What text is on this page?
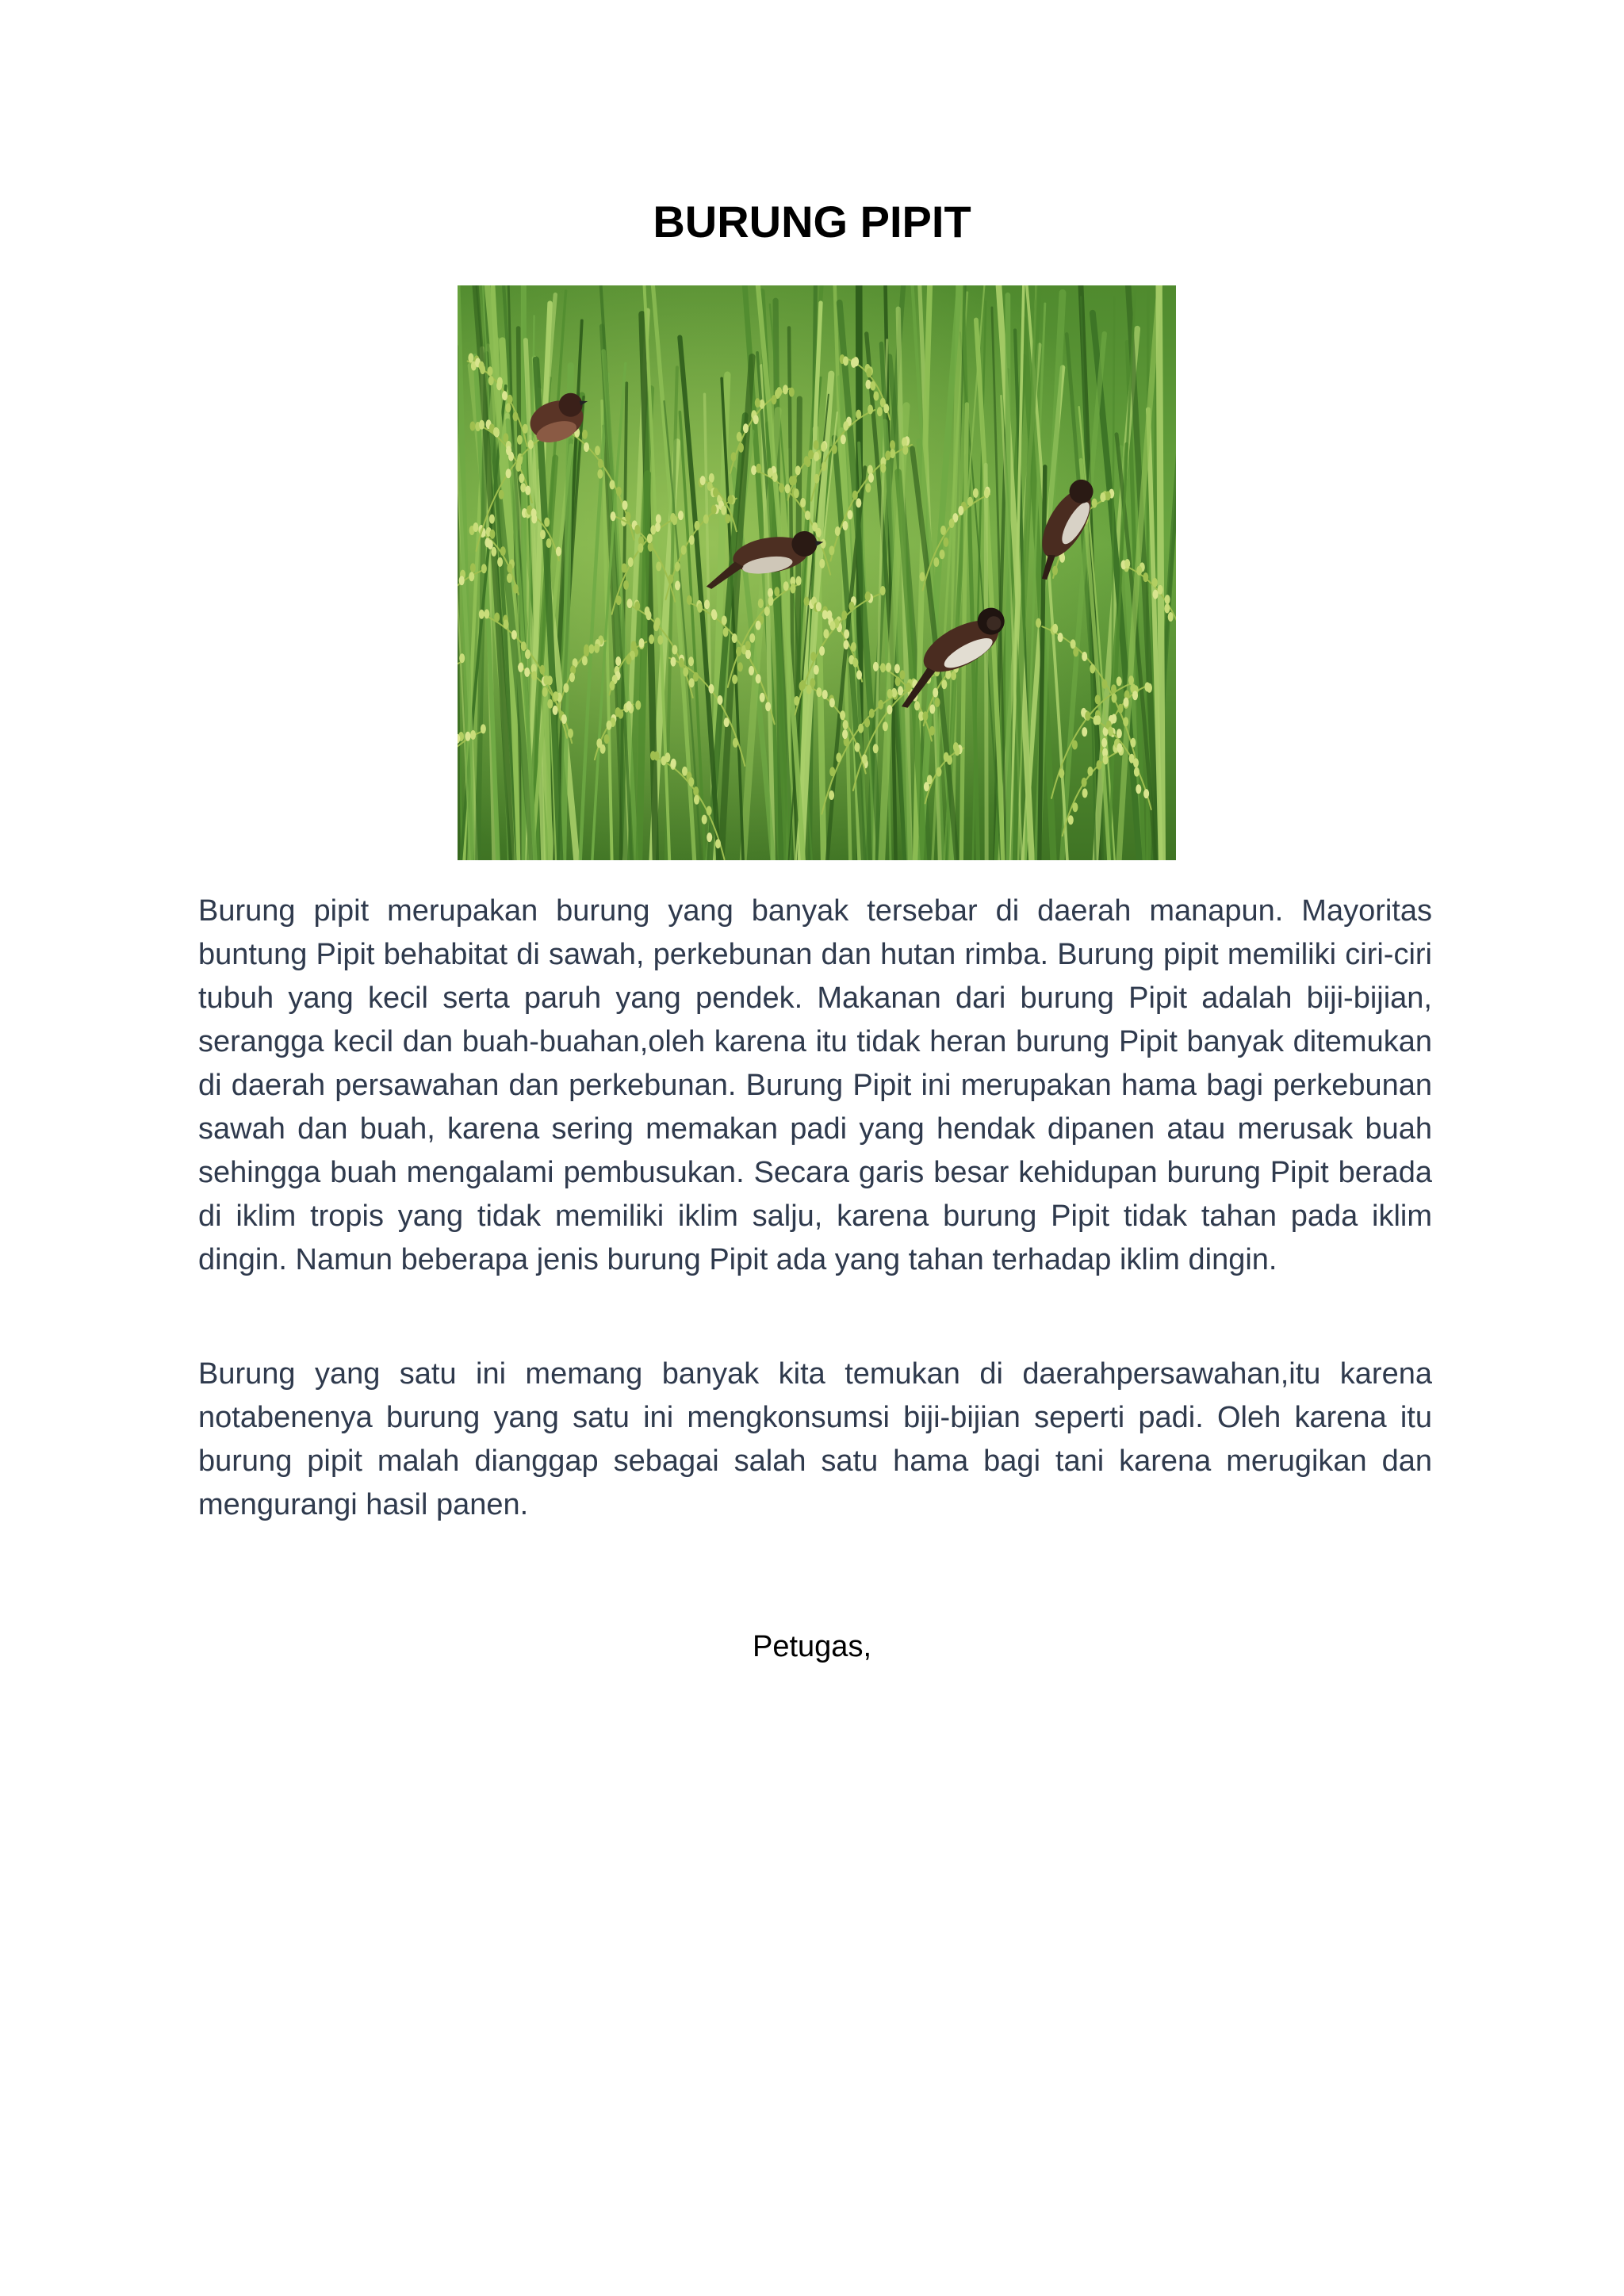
BURUNG PIPIT

Burung pipit merupakan burung yang banyak tersebar di daerah manapun. Mayoritas buntung Pipit behabitat di sawah, perkebunan dan hutan rimba. Burung pipit memiliki ciri-ciri tubuh yang kecil serta paruh yang pendek. Makanan dari burung Pipit adalah biji-bijian, serangga kecil dan buah-buahan,oleh karena itu tidak heran burung Pipit banyak ditemukan di daerah persawahan dan perkebunan. Burung Pipit ini merupakan hama bagi perkebunan sawah dan buah, karena sering memakan padi yang hendak dipanen atau merusak buah sehingga buah mengalami pembusukan. Secara garis besar kehidupan burung Pipit berada di iklim tropis yang tidak memiliki iklim salju, karena burung Pipit tidak tahan pada iklim dingin. Namun beberapa jenis burung Pipit ada yang tahan terhadap iklim dingin.

Burung yang satu ini memang banyak kita temukan di daerahpersawahan,itu karena notabenenya burung yang satu ini mengkonsumsi biji-bijian seperti padi. Oleh karena itu burung pipit malah dianggap sebagai salah satu hama bagi tani karena merugikan dan mengurangi hasil panen.

Petugas,
